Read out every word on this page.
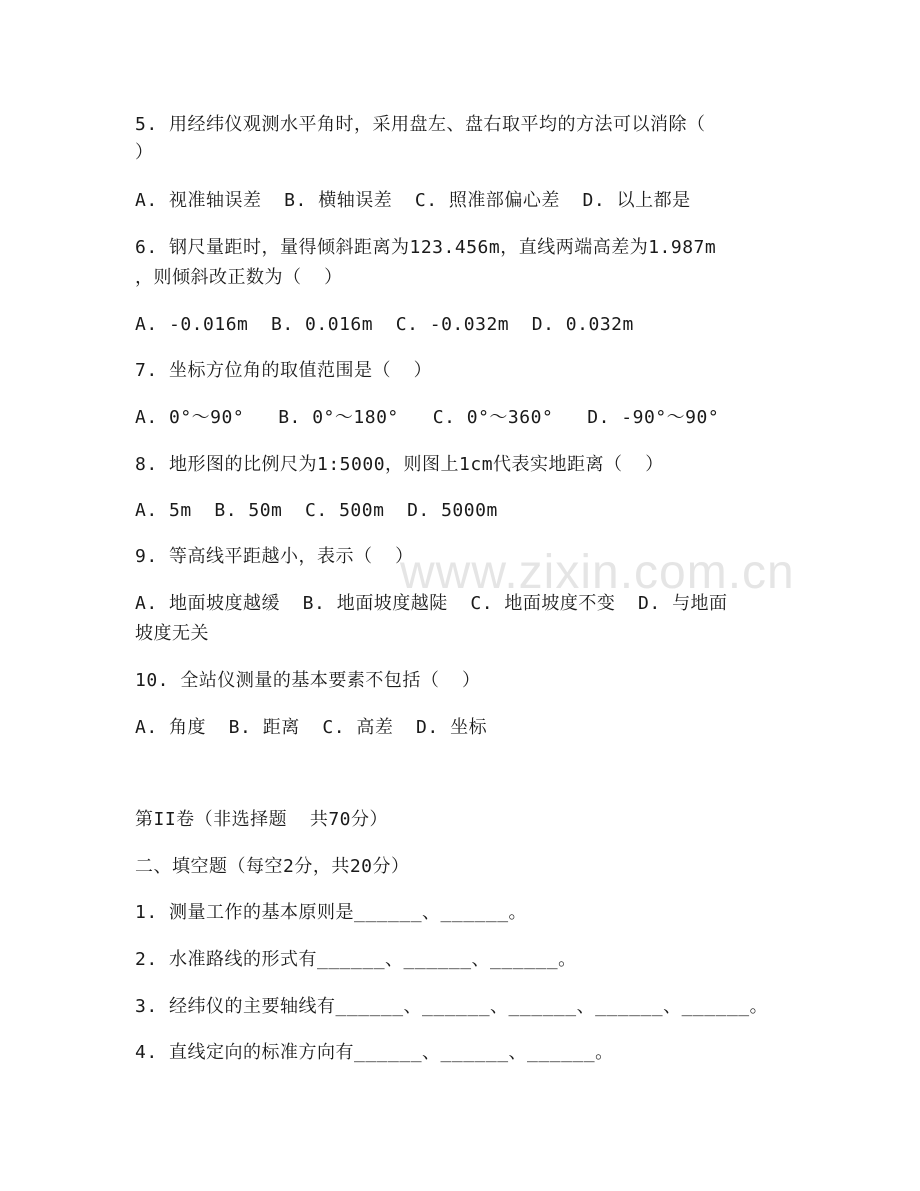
5. 用经纬仪观测水平角时，采用盘左、盘右取平均的方法可以消除（
）
A. 视准轴误差  B. 横轴误差  C. 照准部偏心差  D. 以上都是
6. 钢尺量距时，量得倾斜距离为123.456m，直线两端高差为1.987m
，则倾斜改正数为（  ）
A. -0.016m  B. 0.016m  C. -0.032m  D. 0.032m
7. 坐标方位角的取值范围是（  ）
A. 0°～90°   B. 0°～180°   C. 0°～360°   D. -90°～90°
8. 地形图的比例尺为1:5000，则图上1cm代表实地距离（  ）
A. 5m  B. 50m  C. 500m  D. 5000m
9. 等高线平距越小，表示（  ）
A. 地面坡度越缓  B. 地面坡度越陡  C. 地面坡度不变  D. 与地面
坡度无关
10. 全站仪测量的基本要素不包括（  ）
A. 角度  B. 距离  C. 高差  D. 坐标
第II卷（非选择题  共70分）
二、填空题（每空2分，共20分）
1. 测量工作的基本原则是______、______。
2. 水准路线的形式有______、______、______。
3. 经纬仪的主要轴线有______、______、______、______、______。
4. 直线定向的标准方向有______、______、______。
www.zixin.com.cn
